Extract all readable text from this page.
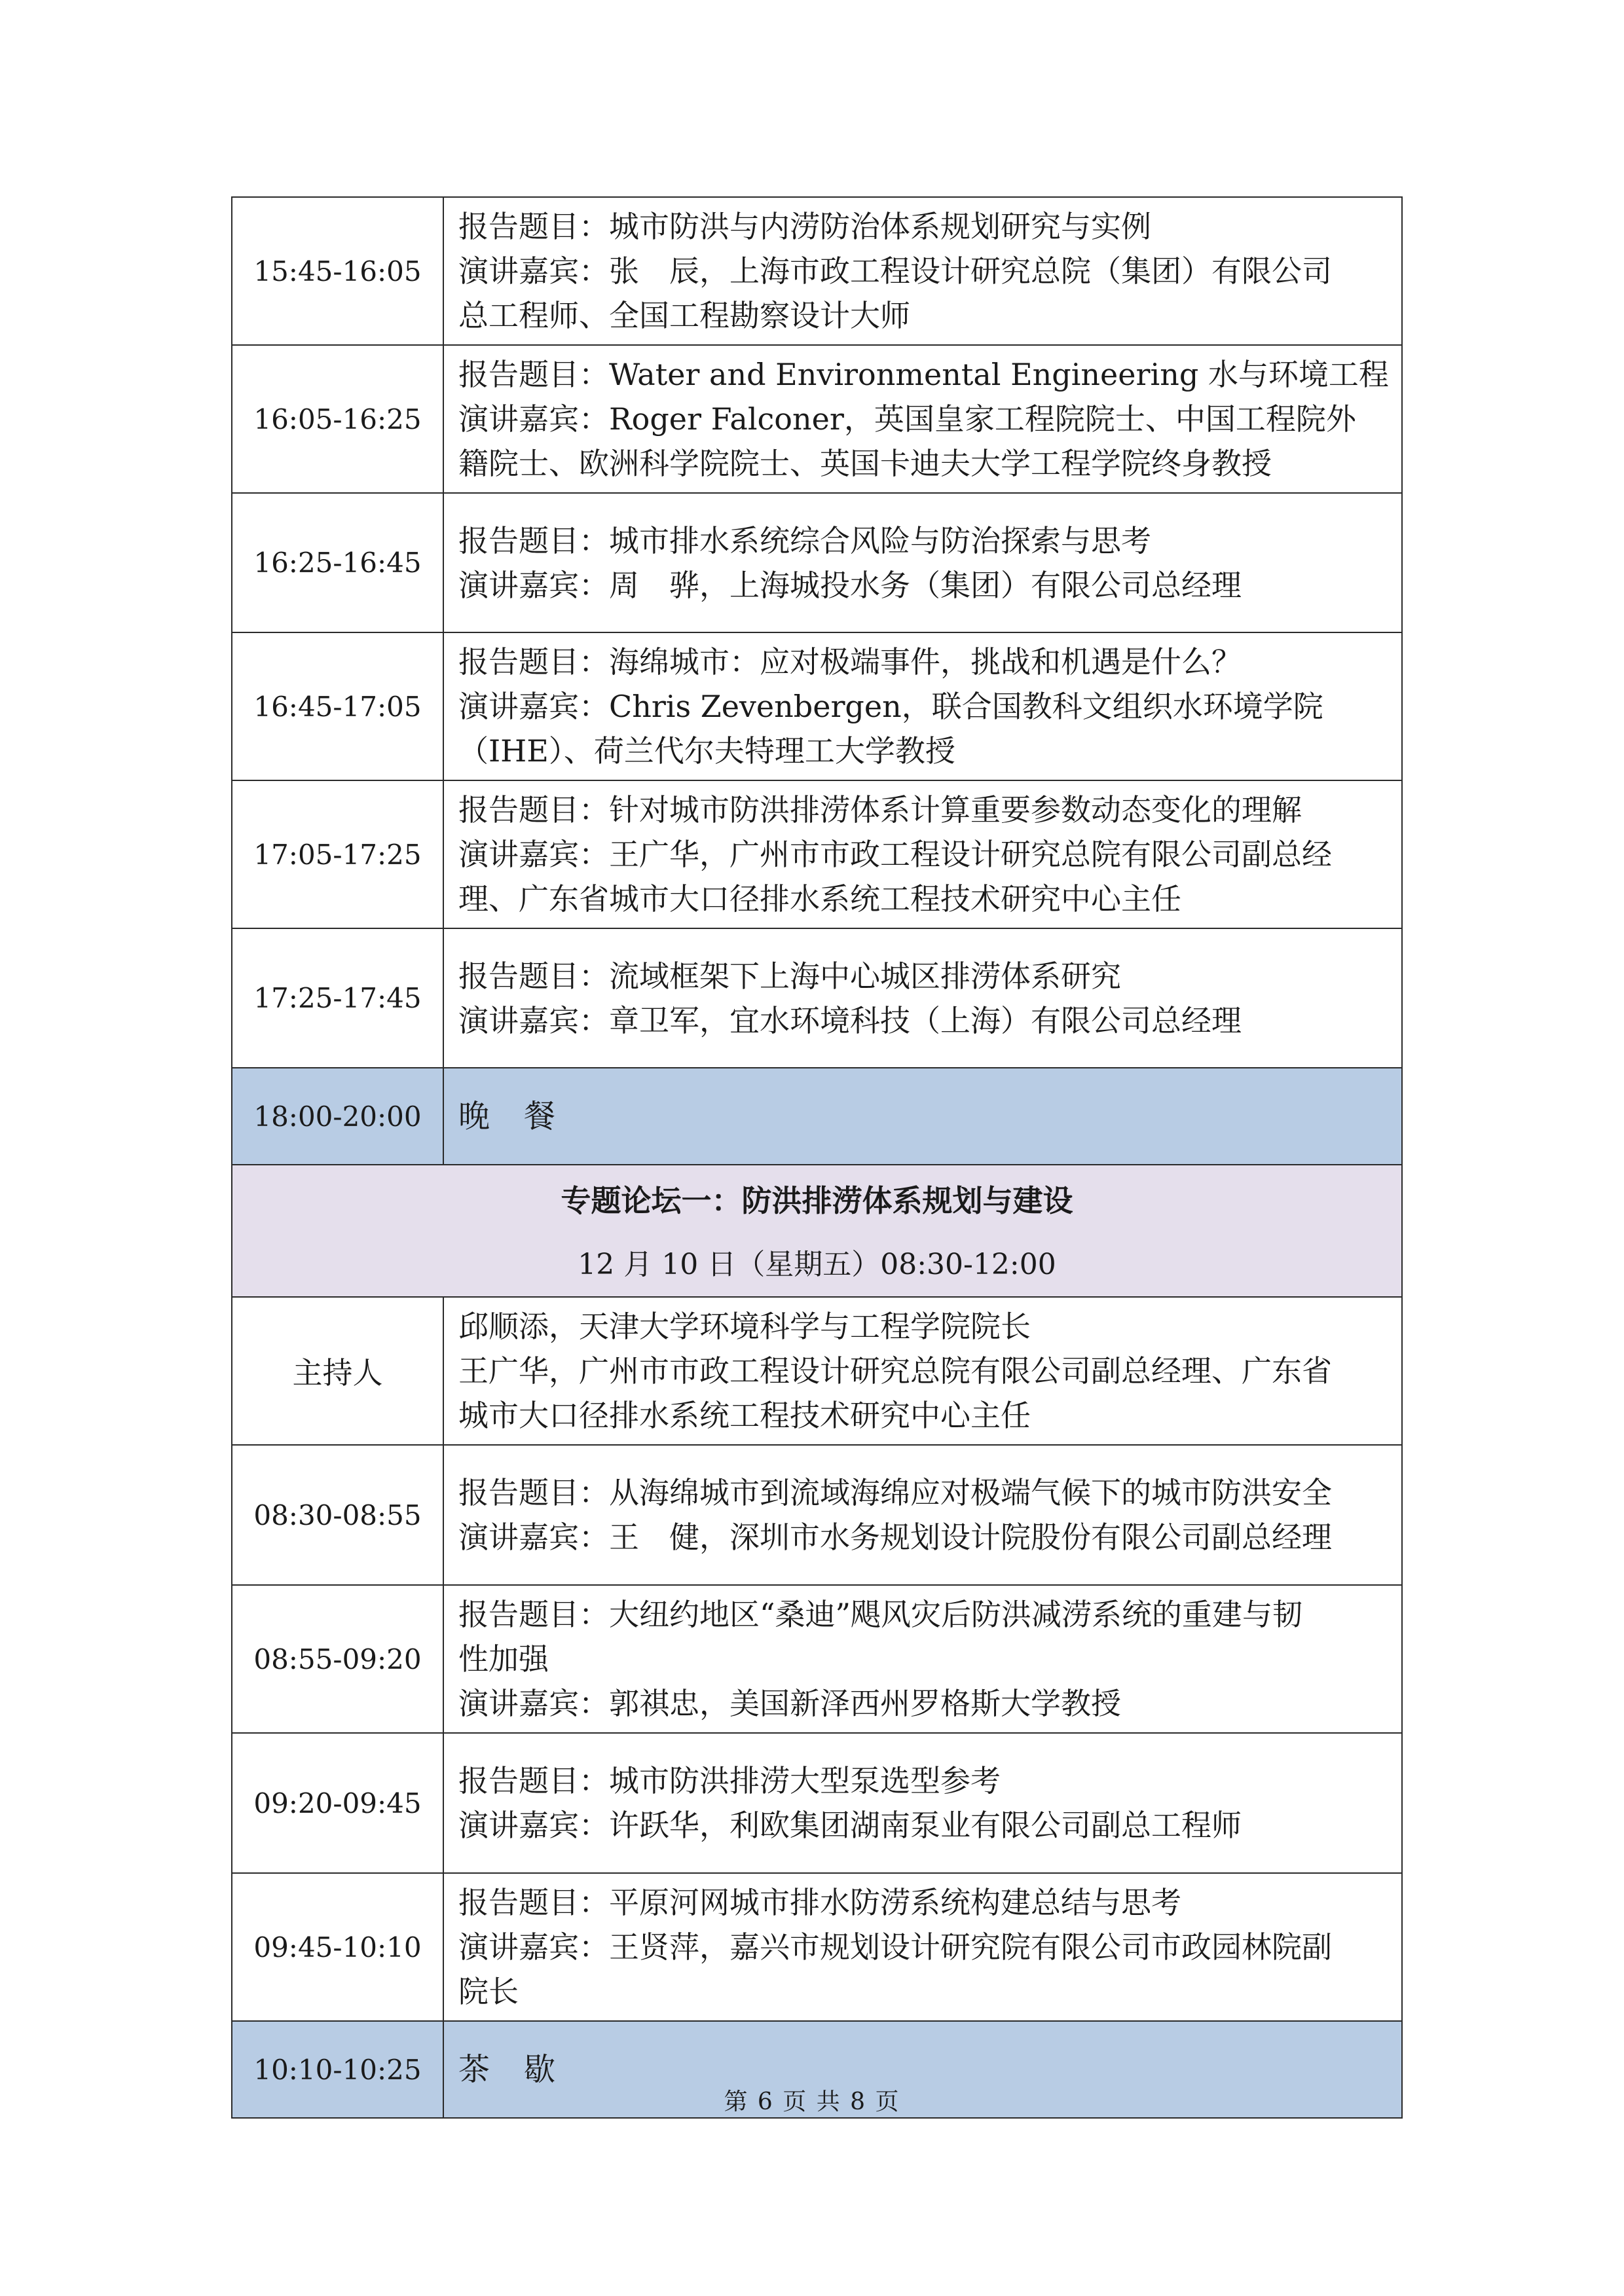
15:45-16:05	报告题目：城市防洪与内涝防治体系规划研究与实例
演讲嘉宾：张　辰，上海市政工程设计研究总院（集团）有限公司
总工程师、全国工程勘察设计大师

16:05-16:25	报告题目：Water and Environmental Engineering 水与环境工程
演讲嘉宾：Roger Falconer，英国皇家工程院院士、中国工程院外
籍院士、欧洲科学院院士、英国卡迪夫大学工程学院终身教授

16:25-16:45	报告题目：城市排水系统综合风险与防治探索与思考
演讲嘉宾：周　骅，上海城投水务（集团）有限公司总经理

16:45-17:05	报告题目：海绵城市：应对极端事件，挑战和机遇是什么？
演讲嘉宾：Chris Zevenbergen，联合国教科文组织水环境学院
（IHE）、荷兰代尔夫特理工大学教授

17:05-17:25	报告题目：针对城市防洪排涝体系计算重要参数动态变化的理解
演讲嘉宾：王广华，广州市市政工程设计研究总院有限公司副总经
理、广东省城市大口径排水系统工程技术研究中心主任

17:25-17:45	报告题目：流域框架下上海中心城区排涝体系研究
演讲嘉宾：章卫军，宜水环境科技（上海）有限公司总经理

18:00-20:00	晚　餐

专题论坛一：防洪排涝体系规划与建设
12 月 10 日（星期五）08:30-12:00	

主持人	邱顺添，天津大学环境科学与工程学院院长
王广华，广州市市政工程设计研究总院有限公司副总经理、广东省
城市大口径排水系统工程技术研究中心主任

08:30-08:55	报告题目：从海绵城市到流域海绵应对极端气候下的城市防洪安全
演讲嘉宾：王　健，深圳市水务规划设计院股份有限公司副总经理

08:55-09:20	报告题目：大纽约地区“桑迪”飓风灾后防洪减涝系统的重建与韧
性加强
演讲嘉宾：郭祺忠，美国新泽西州罗格斯大学教授

09:20-09:45	报告题目：城市防洪排涝大型泵选型参考
演讲嘉宾：许跃华，利欧集团湖南泵业有限公司副总工程师

09:45-10:10	报告题目：平原河网城市排水防涝系统构建总结与思考
演讲嘉宾：王贤萍，嘉兴市规划设计研究院有限公司市政园林院副
院长

10:10-10:25	茶　歇
第 6 页 共 8 页
